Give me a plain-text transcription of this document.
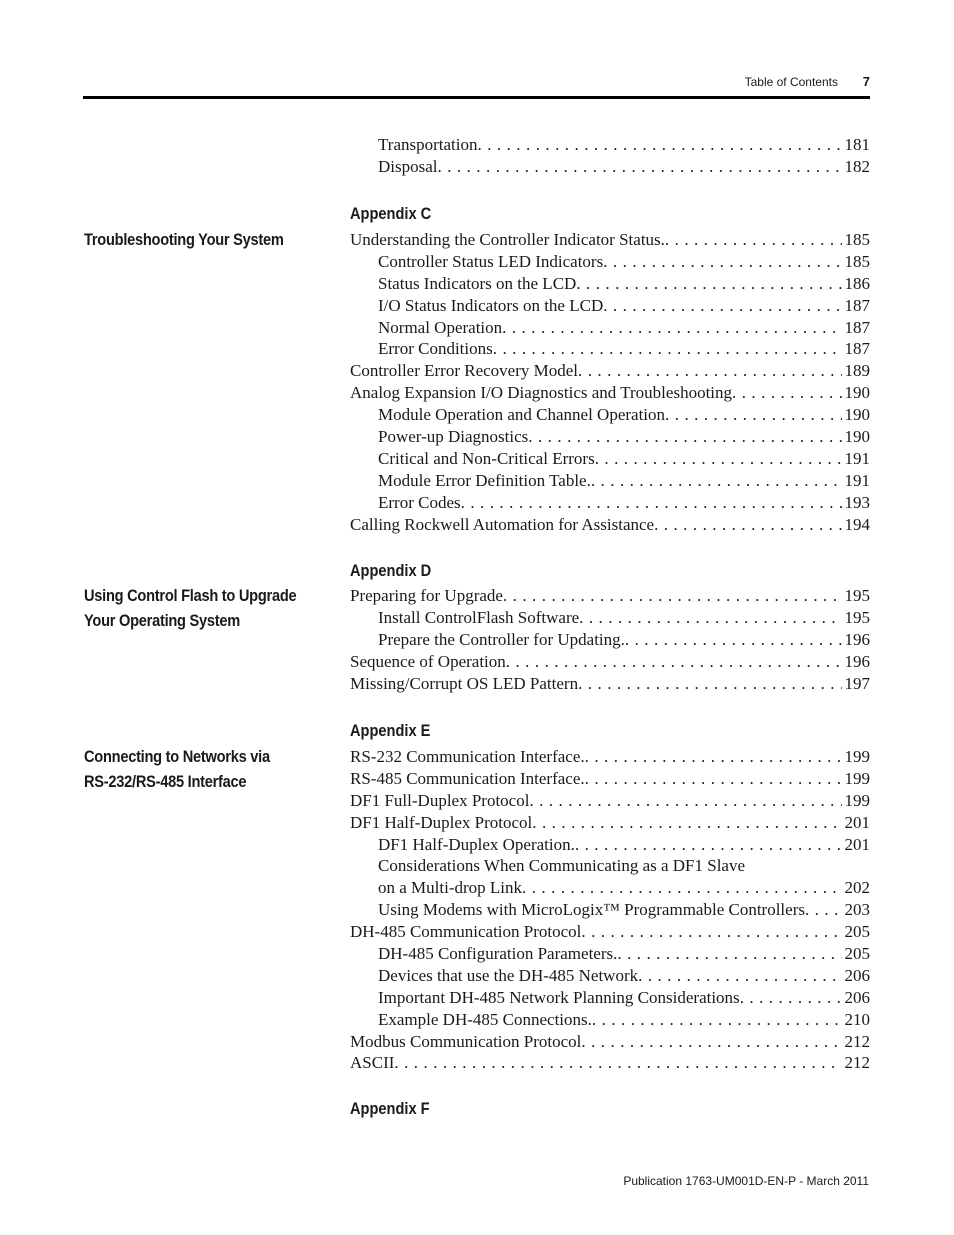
Table of Contents 7
Transportation . . .	181
Disposal . . .	182
Appendix C
Troubleshooting Your System	Understanding the Controller Indicator Status. . . .	185
Controller Status LED Indicators . . .	185
Status Indicators on the LCD . . .	186
I/O Status Indicators on the LCD . . .	187
Normal Operation . . .	187
Error Conditions . . .	187
Controller Error Recovery Model . . .	189
Analog Expansion I/O Diagnostics and Troubleshooting . . .	190
Module Operation and Channel Operation . . .	190
Power-up Diagnostics . . .	190
Critical and Non-Critical Errors . . .	191
Module Error Definition Table. . . .	191
Error Codes . . .	193
Calling Rockwell Automation for Assistance . . .	194
Appendix D
Using Control Flash to Upgrade
Your Operating System
Preparing for Upgrade . . .	195
Install ControlFlash Software . . .	195
Prepare the Controller for Updating. . . .	196
Sequence of Operation . . .	196
Missing/Corrupt OS LED Pattern . . .	197
Appendix E
Connecting to Networks via
RS-232/RS-485 Interface
RS-232 Communication Interface. . . .	199
RS-485 Communication Interface. . . .	199
DF1 Full-Duplex Protocol . . .	199
DF1 Half-Duplex Protocol . . .	201
DF1 Half-Duplex Operation. . . .	201
Considerations When Communicating as a DF1 Slave
on a Multi-drop Link . . .	202
Using Modems with MicroLogix™ Programmable Controllers . . . 203
DH-485 Communication Protocol . . .	205
DH-485 Configuration Parameters. . . .	205
Devices that use the DH-485 Network . . .	206
Important DH-485 Network Planning Considerations . . .	206
Example DH-485 Connections. . . .	210
Modbus Communication Protocol . . .	212
ASCII . . .	212
Appendix F
Publication 1763-UM001D-EN-P - March 2011
